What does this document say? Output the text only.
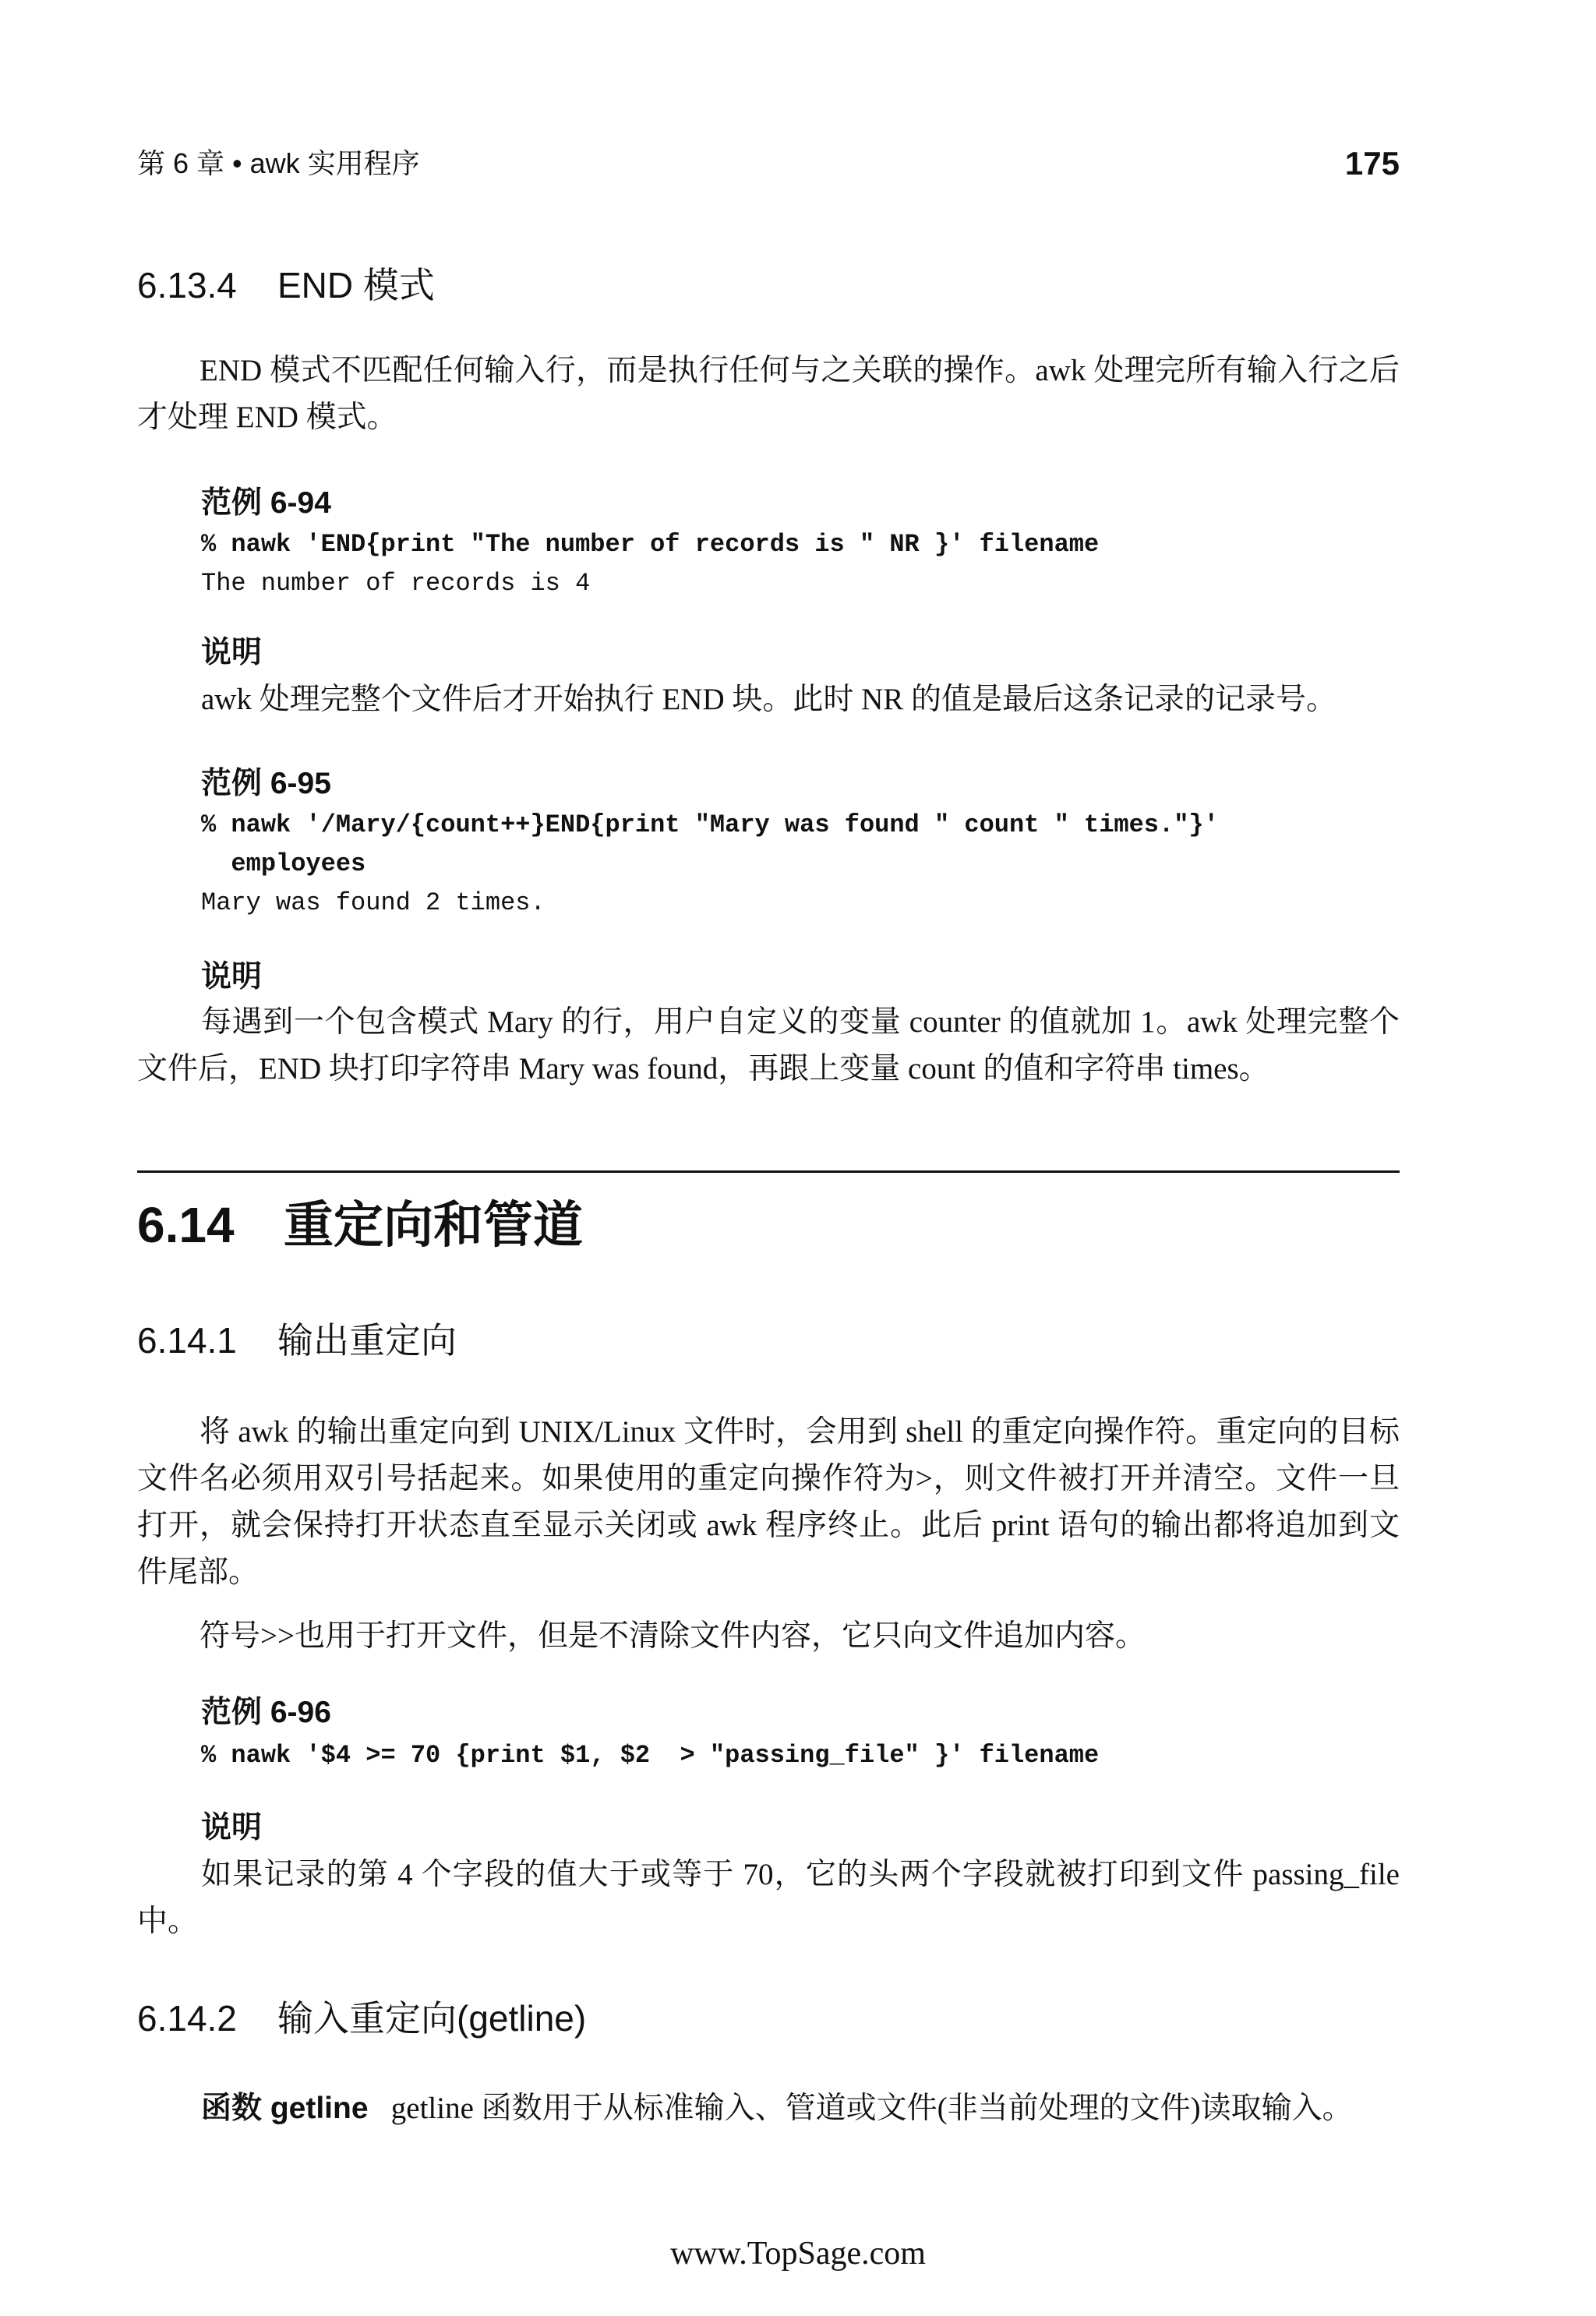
第 6 章 • awk 实用程序	175
6.13.4 END 模式
END 模式不匹配任何输入行，而是执行任何与之关联的操作。awk 处理完所有输入行之后才处理 END 模式。
范例 6-94
% nawk 'END{print "The number of records is " NR }' filename
The number of records is 4
说明
awk 处理完整个文件后才开始执行 END 块。此时 NR 的值是最后这条记录的记录号。
范例 6-95
% nawk '/Mary/{count++}END{print "Mary was found " count " times."}'
employees
Mary was found 2 times.
说明
每遇到一个包含模式 Mary 的行，用户自定义的变量 counter 的值就加 1。awk 处理完整个文件后，END 块打印字符串 Mary was found，再跟上变量 count 的值和字符串 times。
6.14 重定向和管道
6.14.1 输出重定向
将 awk 的输出重定向到 UNIX/Linux 文件时，会用到 shell 的重定向操作符。重定向的目标文件名必须用双引号括起来。如果使用的重定向操作符为>，则文件被打开并清空。文件一旦打开，就会保持打开状态直至显示关闭或 awk 程序终止。此后 print 语句的输出都将追加到文件尾部。
符号>>也用于打开文件，但是不清除文件内容，它只向文件追加内容。
范例 6-96
% nawk '$4 >= 70 {print $1, $2  > "passing_file" }' filename
说明
如果记录的第 4 个字段的值大于或等于 70，它的头两个字段就被打印到文件 passing_file 中。
6.14.2 输入重定向(getline)
函数 getline getline 函数用于从标准输入、管道或文件(非当前处理的文件)读取输入。
www.TopSage.com
